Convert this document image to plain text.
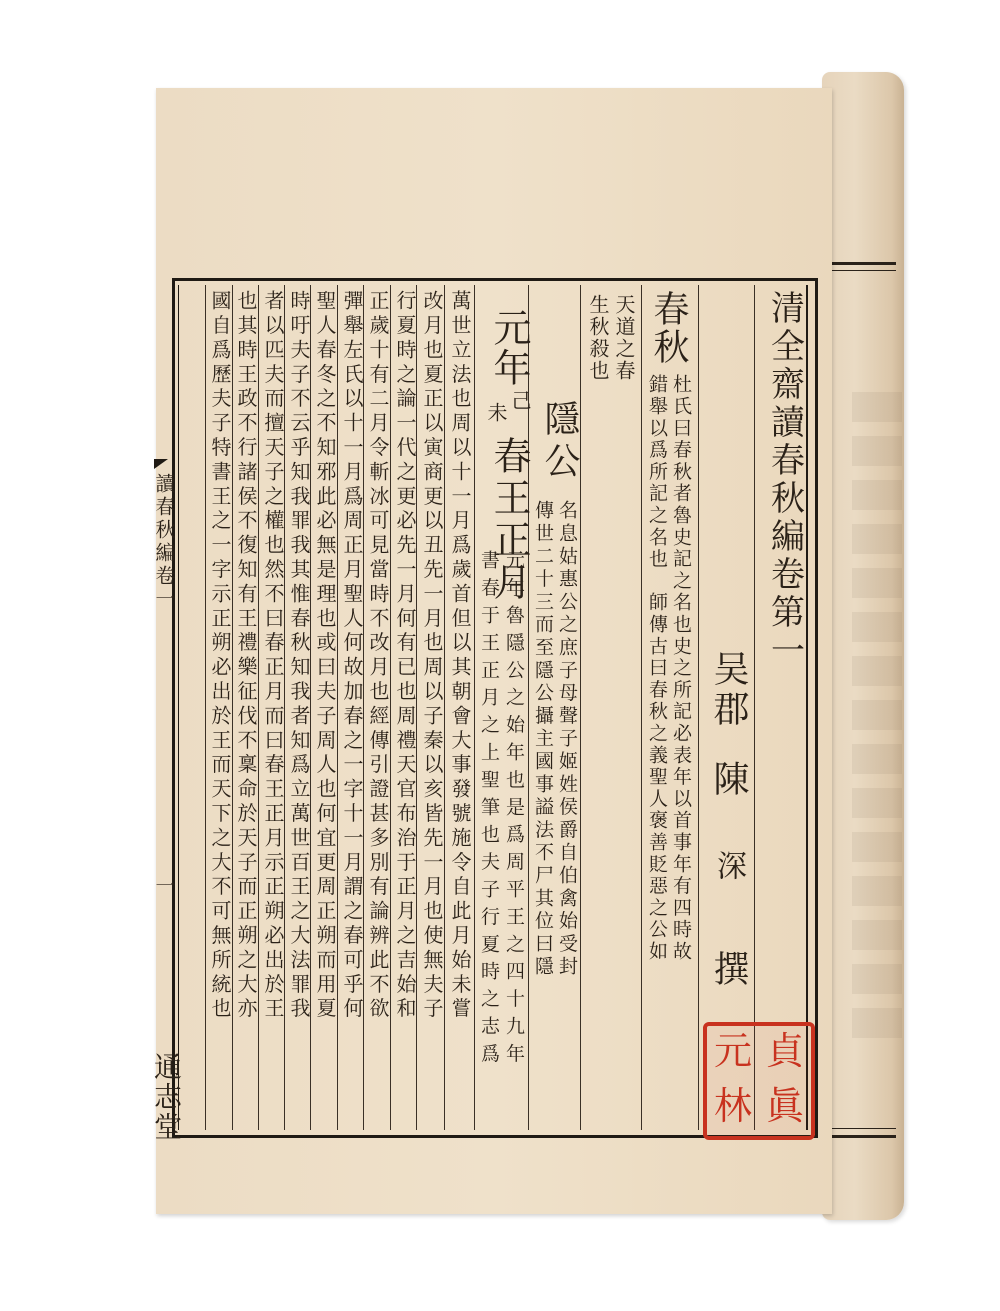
清全齋讀春秋編卷第一
吴郡
陳
深
撰
春秋
杜氏曰春秋者魯史記之名也史之所記必表年以首事年有四時故
錯舉以爲所記之名也　師傳古曰春秋之義聖人褒善貶惡之公如
天道之春
生秋殺也
隱公
名息姑惠公之庶子母聲子姬姓侯爵自伯禽始受封
傳世二十三而至隱公攝主國事謚法不尸其位曰隱
元年
己
未
春王正月
元年魯隱公之始年也是爲周平王之四十九年
書春于王正月之上聖筆也夫子行夏時之志爲
萬世立法也周以十一月爲歲首但以其朝會大事發號施令自此月始未嘗
改月也夏正以寅商更以丑先一月也周以子秦以亥皆先一月也使無夫子
行夏時之論一代之更必先一月何有已也周禮天官布治于正月之吉始和
正歲十有二月令斬冰可見當時不改月也經傳引證甚多別有論辨此不欲
彈舉左氏以十一月爲周正月聖人何故加春之一字十一月謂之春可乎何
聖人春冬之不知邪此必無是理也或曰夫子周人也何宜更周正朔而用夏
時吁夫子不云乎知我罪我其惟春秋知我者知爲立萬世百王之大法罪我
者以匹夫而擅天子之權也然不曰春正月而曰春王正月示正朔必出於王
也其時王政不行諸侯不復知有王禮樂征伐不稟命於天子而正朔之大亦
國自爲歷夫子特書王之一字示正朔必出於王而天下之大不可無所統也
讀春秋編卷一
一
通志堂
元 貞
林 眞
